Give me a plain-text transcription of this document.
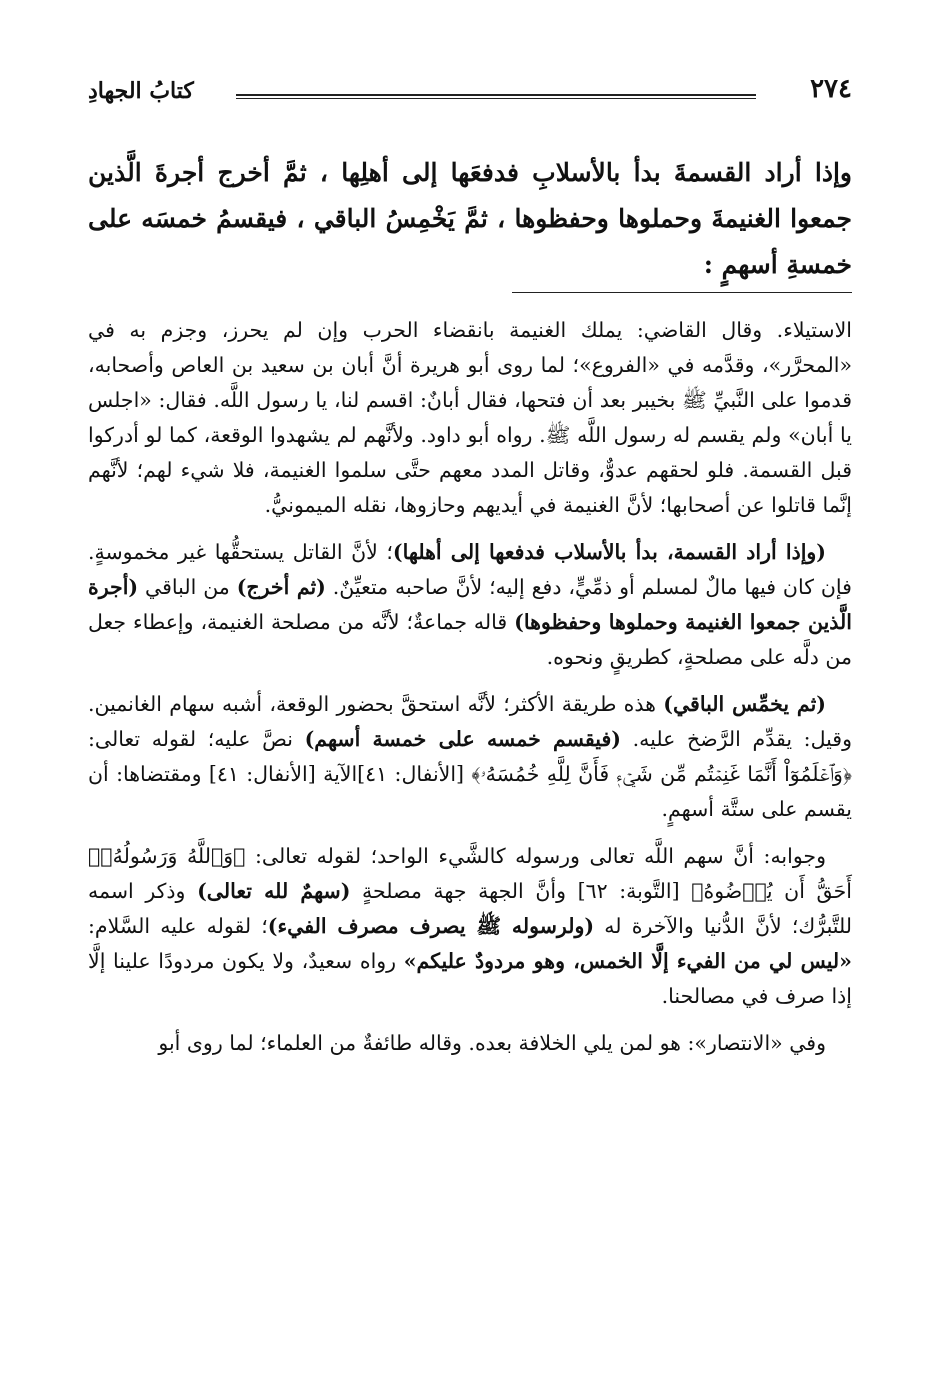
٢٧٤
كتابُ الجهادِ
وإذا أراد القسمةَ بدأ بالأسلابِ فدفعَها إلى أهلِها ، ثمَّ أخرج أجرةَ الَّذين جمعوا الغنيمةَ وحملوها وحفظوها ، ثمَّ يَخْمِسُ الباقي ، فيقسمُ خمسَه على خمسةِ أسهمٍ :

الاستيلاء. وقال القاضي: يملك الغنيمة بانقضاء الحرب وإن لم يحرز، وجزم به في «المحرَّر»، وقدَّمه في «الفروع»؛ لما روى أبو هريرة أنَّ أبان بن سعيد بن العاص وأصحابه، قدموا على النَّبيِّ ﷺ بخيبر بعد أن فتحها، فقال أبانٌ: اقسم لنا، يا رسول اللَّه. فقال: «اجلس يا أبان» ولم يقسم له رسول اللَّه ﷺ. رواه أبو داود. ولأنَّهم لم يشهدوا الوقعة، كما لو أدركوا قبل القسمة. فلو لحقهم عدوٌّ، وقاتل المدد معهم حتَّى سلموا الغنيمة، فلا شيء لهم؛ لأنَّهم إنَّما قاتلوا عن أصحابها؛ لأنَّ الغنيمة في أيديهم وحازوها، نقله الميمونيُّ.

(وإذا أراد القسمة، بدأ بالأسلاب فدفعها إلى أهلها)؛ لأنَّ القاتل يستحقُّها غير مخموسةٍ. فإن كان فيها مالٌ لمسلم أو ذمِّيٍّ، دفع إليه؛ لأنَّ صاحبه متعيِّنٌ. (ثم أخرج) من الباقي (أجرة الَّذين جمعوا الغنيمة وحملوها وحفظوها) قاله جماعةٌ؛ لأنَّه من مصلحة الغنيمة، وإعطاء جعل من دلَّه على مصلحةٍ، كطريقٍ ونحوه.

(ثم يخمِّس الباقي) هذه طريقة الأكثر؛ لأنَّه استحقَّ بحضور الوقعة، أشبه سهام الغانمين. وقيل: يقدِّم الرَّضخ عليه. (فيقسم خمسه على خمسة أسهم) نصَّ عليه؛ لقوله تعالى: ﴿وَٱعۡلَمُوٓاْ أَنَّمَا غَنِمۡتُم مِّن شَيۡءٖ فَأَنَّ لِلَّهِ خُمُسَهُۥ﴾ [الأنفال: ٤١]الآية [الأنفال: ٤١] ومقتضاها: أن يقسم على ستَّة أسهمٍ.

وجوابه: أنَّ سهم اللَّه تعالى ورسوله كالشَّيء الواحد؛ لقوله تعالى: ﴿وَٱللَّهُ وَرَسُولُهُۥٓ أَحَقُّ أَن يُرۡضُوهُ﴾ [التَّوبة: ٦٢] وأنَّ الجهة جهة مصلحةٍ (سهمٌ لله تعالى) وذكر اسمه للتَّبرُّك؛ لأنَّ الدُّنيا والآخرة له (ولرسوله ﷺ يصرف مصرف الفيء)؛ لقوله عليه السَّلام: «ليس لي من الفيء إلَّا الخمس، وهو مردودٌ عليكم» رواه سعيدٌ، ولا يكون مردودًا علينا إلَّا إذا صرف في مصالحنا.

وفي «الانتصار»: هو لمن يلي الخلافة بعده. وقاله طائفةٌ من العلماء؛ لما روى أبو
